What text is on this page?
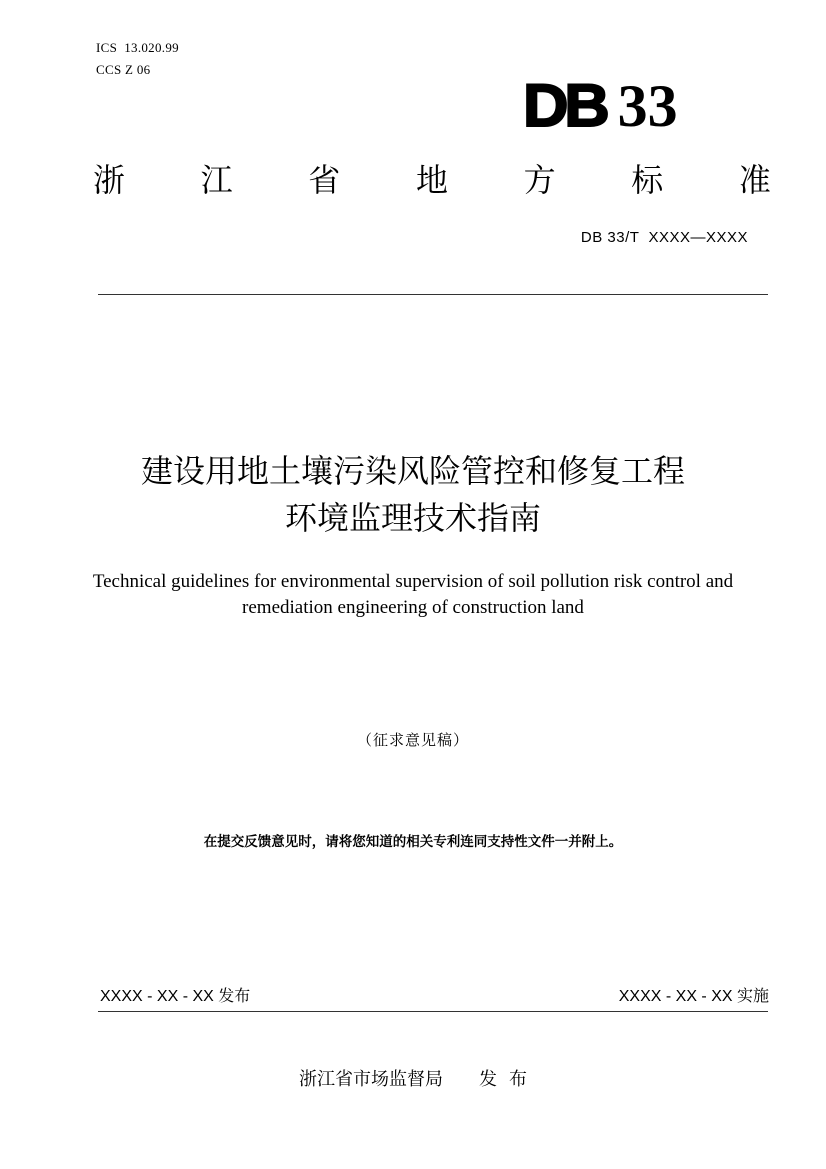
ICS  13.020.99
CCS Z 06
DB 33
浙 江 省 地 方 标 准
DB 33/T  XXXX—XXXX
建设用地土壤污染风险管控和修复工程
环境监理技术指南
Technical guidelines for environmental supervision of soil pollution risk control and
remediation engineering of construction land
（征求意见稿）
在提交反馈意见时，请将您知道的相关专利连同支持性文件一并附上。
XXXX - XX - XX 发布	XXXX - XX - XX 实施
浙江省市场监督局 发 布
